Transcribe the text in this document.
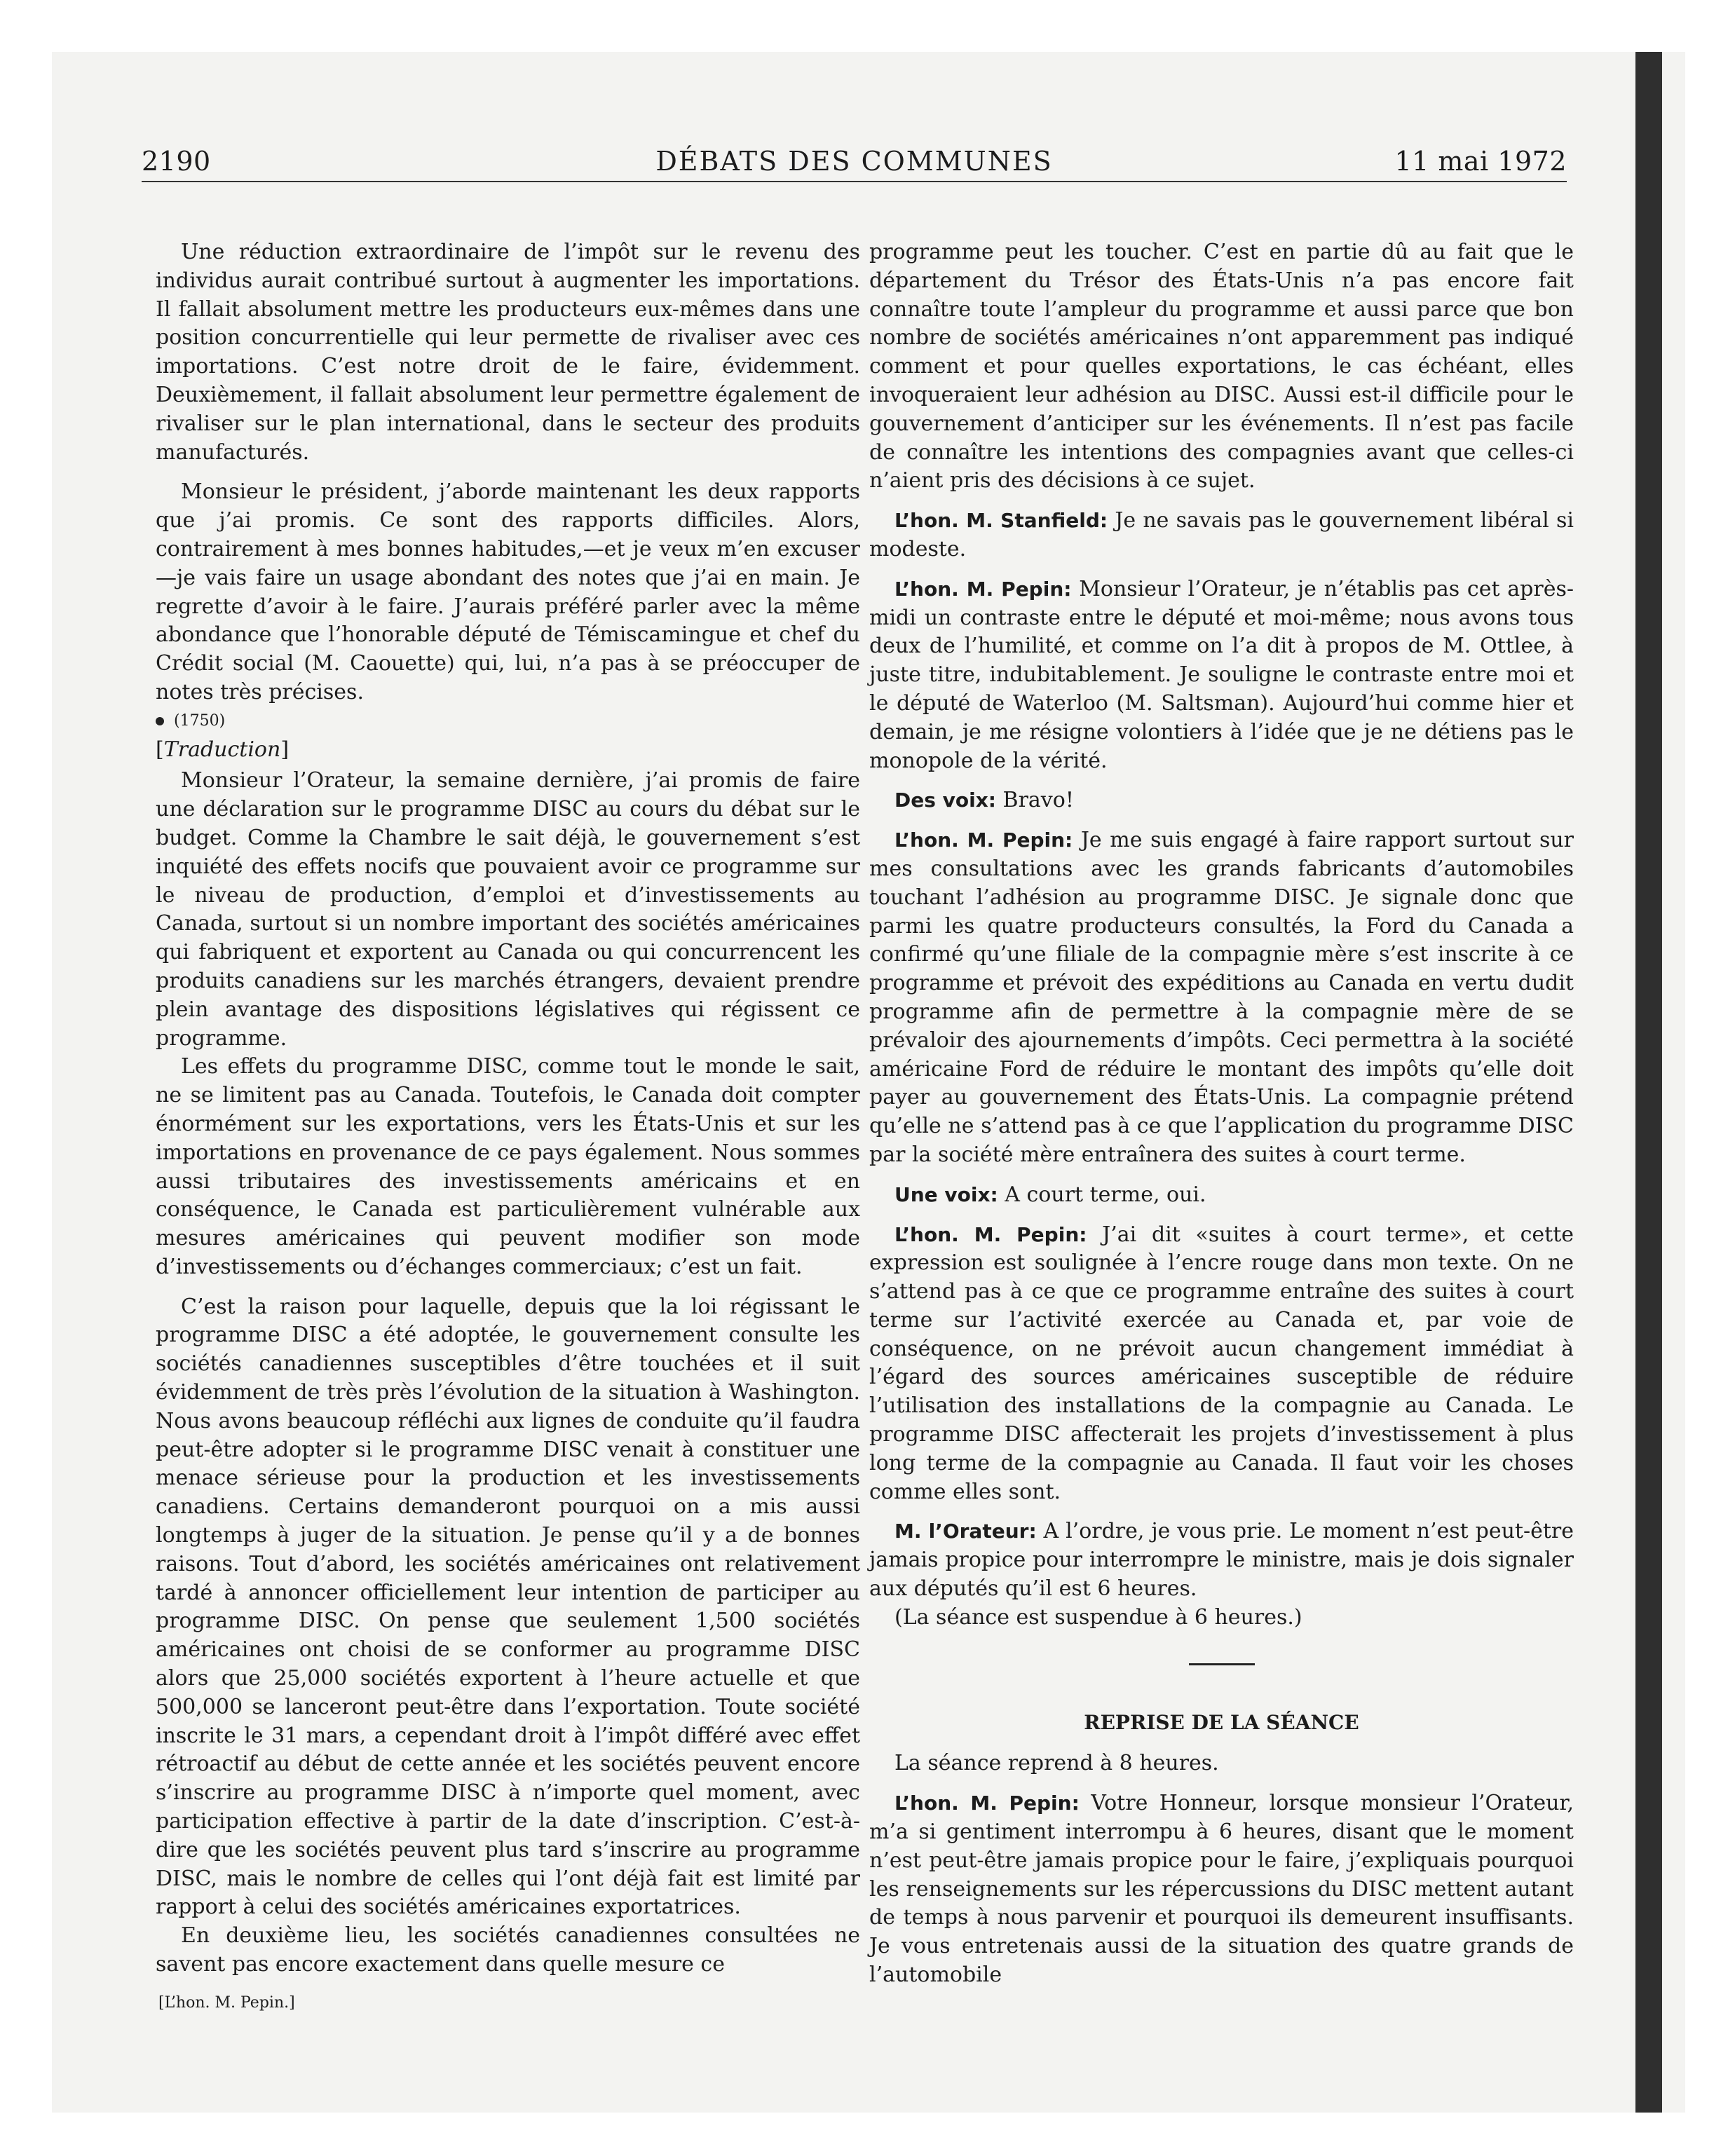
2190	DÉBATS DES COMMUNES	11 mai 1972

Une réduction extraordinaire de l’impôt sur le revenu des individus aurait contribué surtout à augmenter les importations. Il fallait absolument mettre les producteurs eux-mêmes dans une position concurrentielle qui leur permette de rivaliser avec ces importations. C’est notre droit de le faire, évidemment. Deuxièmement, il fallait absolument leur permettre également de rivaliser sur le plan international, dans le secteur des produits manufacturés.

Monsieur le président, j’aborde maintenant les deux rapports que j’ai promis. Ce sont des rapports difficiles. Alors, contrairement à mes bonnes habitudes,—et je veux m’en excuser—je vais faire un usage abondant des notes que j’ai en main. Je regrette d’avoir à le faire. J’aurais préféré parler avec la même abondance que l’honorable député de Témiscamingue et chef du Crédit social (M. Caouette) qui, lui, n’a pas à se préoccuper de notes très précises.

(1750)

[Traduction]

Monsieur l’Orateur, la semaine dernière, j’ai promis de faire une déclaration sur le programme DISC au cours du débat sur le budget. Comme la Chambre le sait déjà, le gouvernement s’est inquiété des effets nocifs que pouvaient avoir ce programme sur le niveau de production, d’emploi et d’investissements au Canada, surtout si un nombre important des sociétés américaines qui fabriquent et exportent au Canada ou qui concurrencent les produits canadiens sur les marchés étrangers, devaient prendre plein avantage des dispositions législatives qui régissent ce programme.

Les effets du programme DISC, comme tout le monde le sait, ne se limitent pas au Canada. Toutefois, le Canada doit compter énormément sur les exportations, vers les États-Unis et sur les importations en provenance de ce pays également. Nous sommes aussi tributaires des investissements américains et en conséquence, le Canada est particulièrement vulnérable aux mesures américaines qui peuvent modifier son mode d’investissements ou d’échanges commerciaux; c’est un fait.

C’est la raison pour laquelle, depuis que la loi régissant le programme DISC a été adoptée, le gouvernement consulte les sociétés canadiennes susceptibles d’être touchées et il suit évidemment de très près l’évolution de la situation à Washington. Nous avons beaucoup réfléchi aux lignes de conduite qu’il faudra peut-être adopter si le programme DISC venait à constituer une menace sérieuse pour la production et les investissements canadiens. Certains demanderont pourquoi on a mis aussi longtemps à juger de la situation. Je pense qu’il y a de bonnes raisons. Tout d’abord, les sociétés américaines ont relativement tardé à annoncer officiellement leur intention de participer au programme DISC. On pense que seulement 1,500 sociétés américaines ont choisi de se conformer au programme DISC alors que 25,000 sociétés exportent à l’heure actuelle et que 500,000 se lanceront peut-être dans l’exportation. Toute société inscrite le 31 mars, a cependant droit à l’impôt différé avec effet rétroactif au début de cette année et les sociétés peuvent encore s’inscrire au programme DISC à n’importe quel moment, avec participation effective à partir de la date d’inscription. C’est-à-dire que les sociétés peuvent plus tard s’inscrire au programme DISC, mais le nombre de celles qui l’ont déjà fait est limité par rapport à celui des sociétés américaines exportatrices.

En deuxième lieu, les sociétés canadiennes consultées ne savent pas encore exactement dans quelle mesure ce

[L’hon. M. Pepin.]

programme peut les toucher. C’est en partie dû au fait que le département du Trésor des États-Unis n’a pas encore fait connaître toute l’ampleur du programme et aussi parce que bon nombre de sociétés américaines n’ont apparemment pas indiqué comment et pour quelles exportations, le cas échéant, elles invoqueraient leur adhésion au DISC. Aussi est-il difficile pour le gouvernement d’anticiper sur les événements. Il n’est pas facile de connaître les intentions des compagnies avant que celles-ci n’aient pris des décisions à ce sujet.

L’hon. M. Stanfield: Je ne savais pas le gouvernement libéral si modeste.

L’hon. M. Pepin: Monsieur l’Orateur, je n’établis pas cet après-midi un contraste entre le député et moi-même; nous avons tous deux de l’humilité, et comme on l’a dit à propos de M. Ottlee, à juste titre, indubitablement. Je souligne le contraste entre moi et le député de Waterloo (M. Saltsman). Aujourd’hui comme hier et demain, je me résigne volontiers à l’idée que je ne détiens pas le monopole de la vérité.

Des voix: Bravo!

L’hon. M. Pepin: Je me suis engagé à faire rapport surtout sur mes consultations avec les grands fabricants d’automobiles touchant l’adhésion au programme DISC. Je signale donc que parmi les quatre producteurs consultés, la Ford du Canada a confirmé qu’une filiale de la compagnie mère s’est inscrite à ce programme et prévoit des expéditions au Canada en vertu dudit programme afin de permettre à la compagnie mère de se prévaloir des ajournements d’impôts. Ceci permettra à la société américaine Ford de réduire le montant des impôts qu’elle doit payer au gouvernement des États-Unis. La compagnie prétend qu’elle ne s’attend pas à ce que l’application du programme DISC par la société mère entraînera des suites à court terme.

Une voix: A court terme, oui.

L’hon. M. Pepin: J’ai dit «suites à court terme», et cette expression est soulignée à l’encre rouge dans mon texte. On ne s’attend pas à ce que ce programme entraîne des suites à court terme sur l’activité exercée au Canada et, par voie de conséquence, on ne prévoit aucun changement immédiat à l’égard des sources américaines susceptible de réduire l’utilisation des installations de la compagnie au Canada. Le programme DISC affecterait les projets d’investissement à plus long terme de la compagnie au Canada. Il faut voir les choses comme elles sont.

M. l’Orateur: A l’ordre, je vous prie. Le moment n’est peut-être jamais propice pour interrompre le ministre, mais je dois signaler aux députés qu’il est 6 heures.

(La séance est suspendue à 6 heures.)

REPRISE DE LA SÉANCE

La séance reprend à 8 heures.

L’hon. M. Pepin: Votre Honneur, lorsque monsieur l’Orateur, m’a si gentiment interrompu à 6 heures, disant que le moment n’est peut-être jamais propice pour le faire, j’expliquais pourquoi les renseignements sur les répercussions du DISC mettent autant de temps à nous parvenir et pourquoi ils demeurent insuffisants. Je vous entretenais aussi de la situation des quatre grands de l’automobile
